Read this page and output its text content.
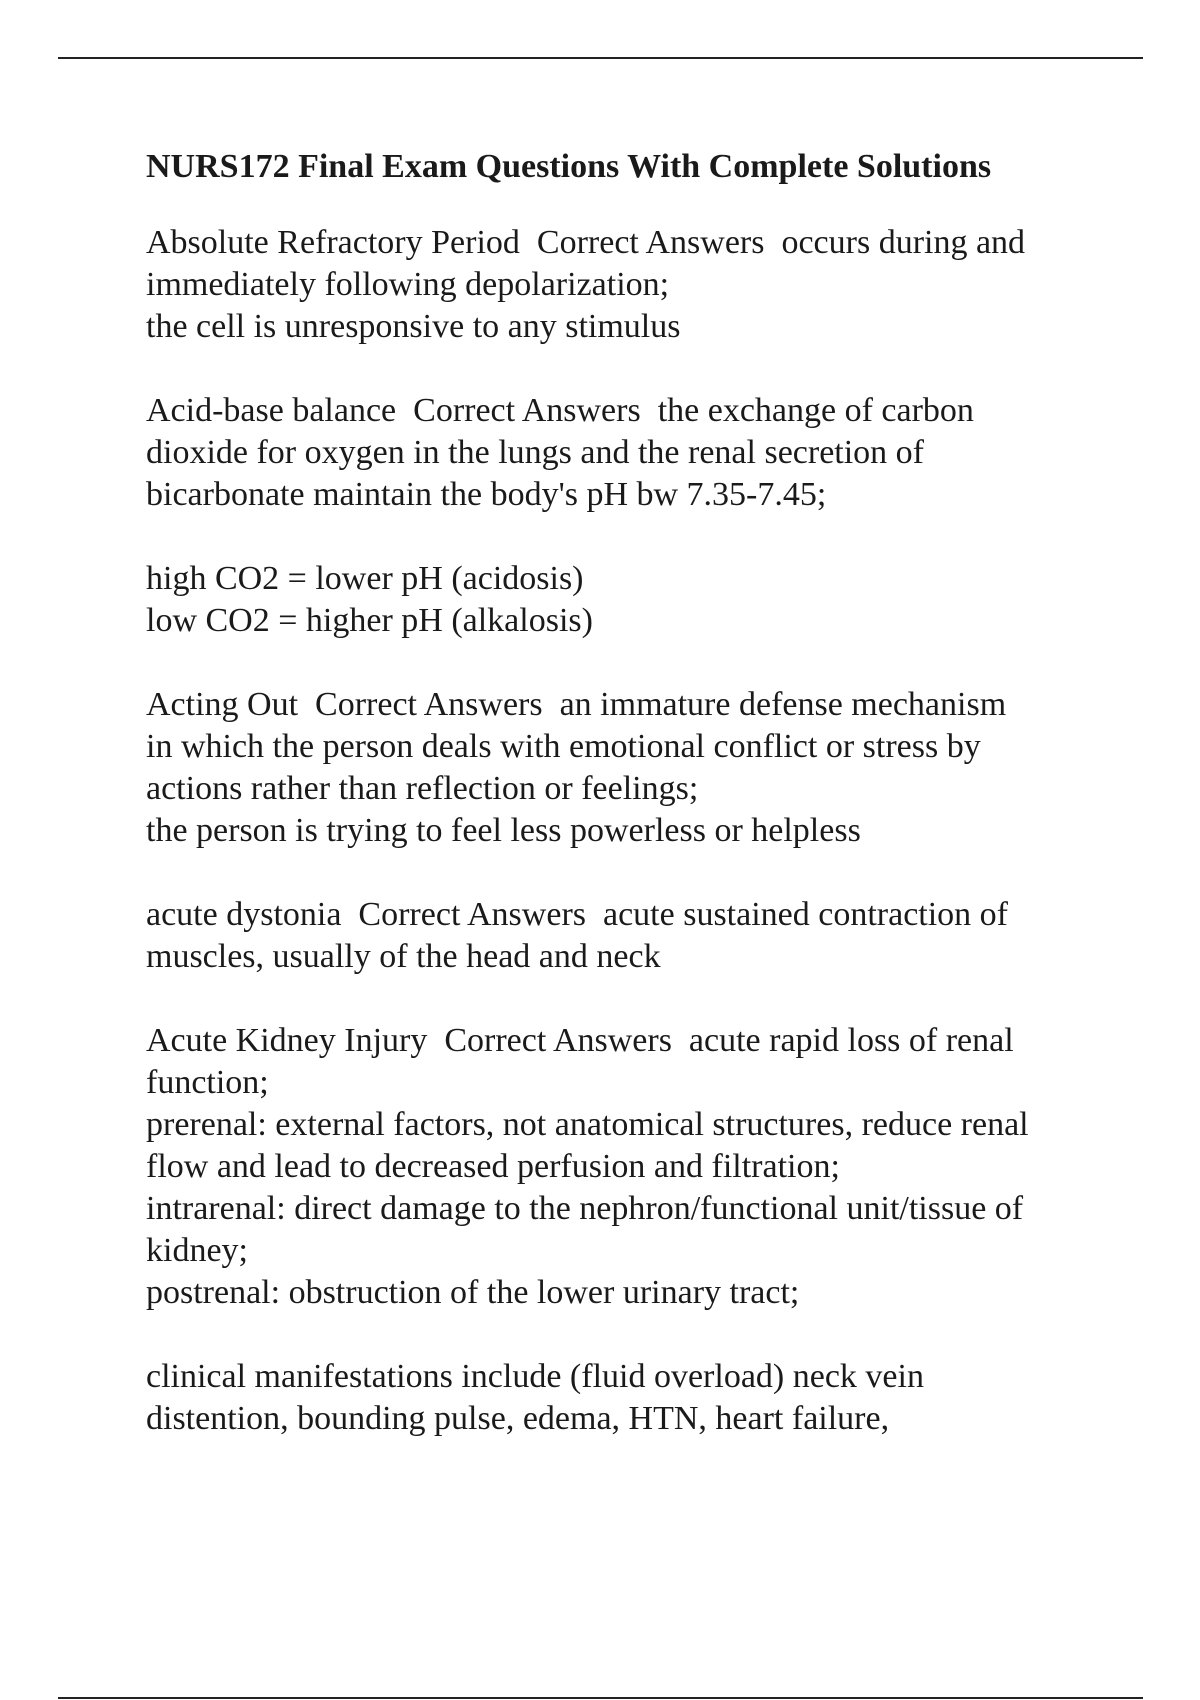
NURS172 Final Exam Questions With Complete Solutions
Absolute Refractory Period  Correct Answers  occurs during and
immediately following depolarization;
the cell is unresponsive to any stimulus
Acid-base balance  Correct Answers  the exchange of carbon
dioxide for oxygen in the lungs and the renal secretion of
bicarbonate maintain the body's pH bw 7.35-7.45;
high CO2 = lower pH (acidosis)
low CO2 = higher pH (alkalosis)
Acting Out  Correct Answers  an immature defense mechanism
in which the person deals with emotional conflict or stress by
actions rather than reflection or feelings;
the person is trying to feel less powerless or helpless
acute dystonia  Correct Answers  acute sustained contraction of
muscles, usually of the head and neck
Acute Kidney Injury  Correct Answers  acute rapid loss of renal
function;
prerenal: external factors, not anatomical structures, reduce renal
flow and lead to decreased perfusion and filtration;
intrarenal: direct damage to the nephron/functional unit/tissue of
kidney;
postrenal: obstruction of the lower urinary tract;
clinical manifestations include (fluid overload) neck vein
distention, bounding pulse, edema, HTN, heart failure,
